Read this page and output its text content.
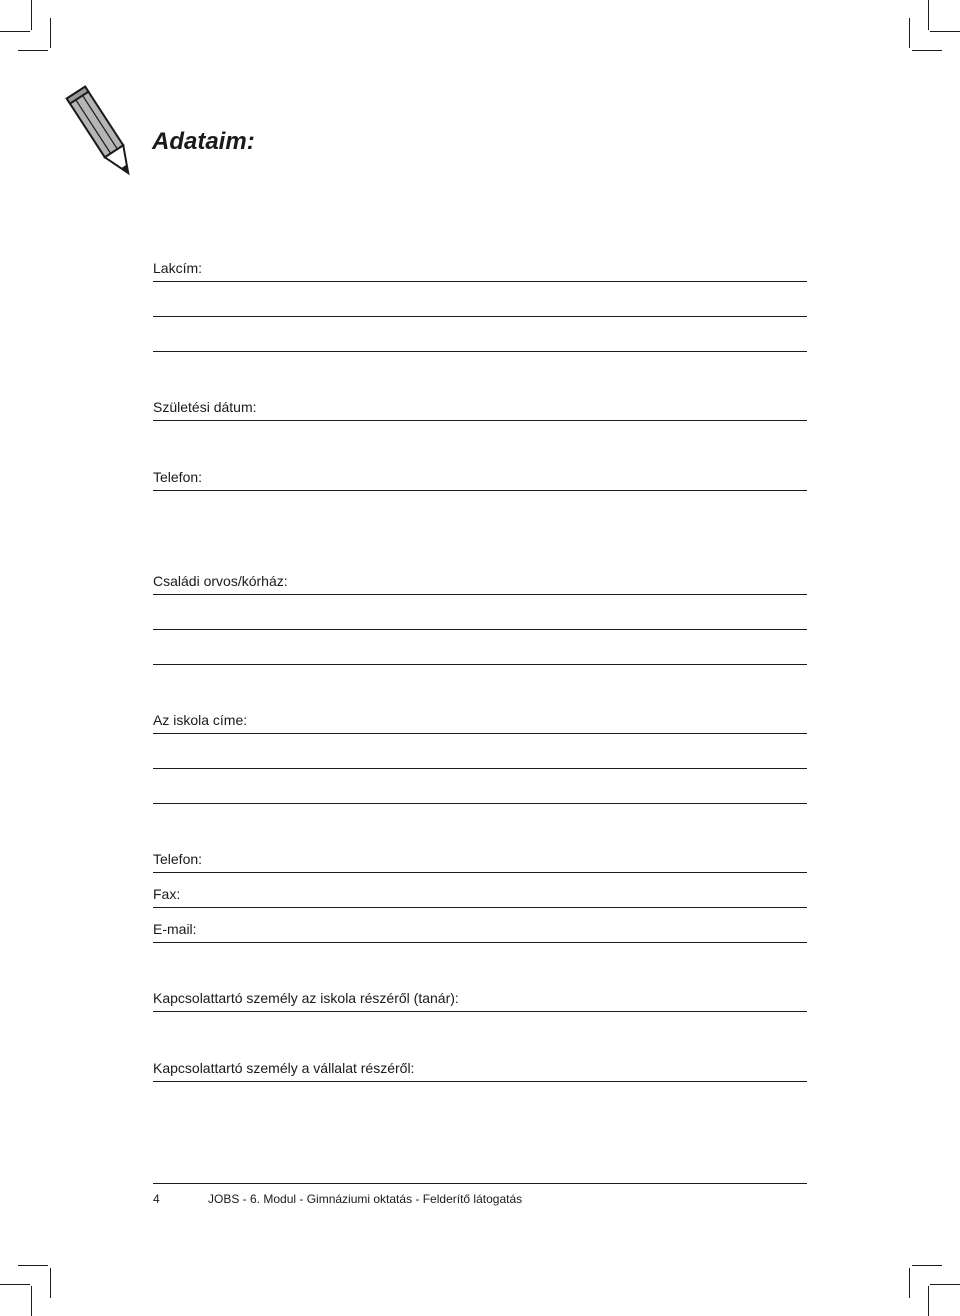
Adataim:
Lakcím:
Születési dátum:
Telefon:
Családi orvos/kórház:
Az iskola címe:
Telefon:
Fax:
E-mail:
Kapcsolattartó személy az iskola részéről (tanár):
Kapcsolattartó személy a vállalat részéről:
4	JOBS - 6. Modul - Gimnáziumi oktatás - Felderítő látogatás
